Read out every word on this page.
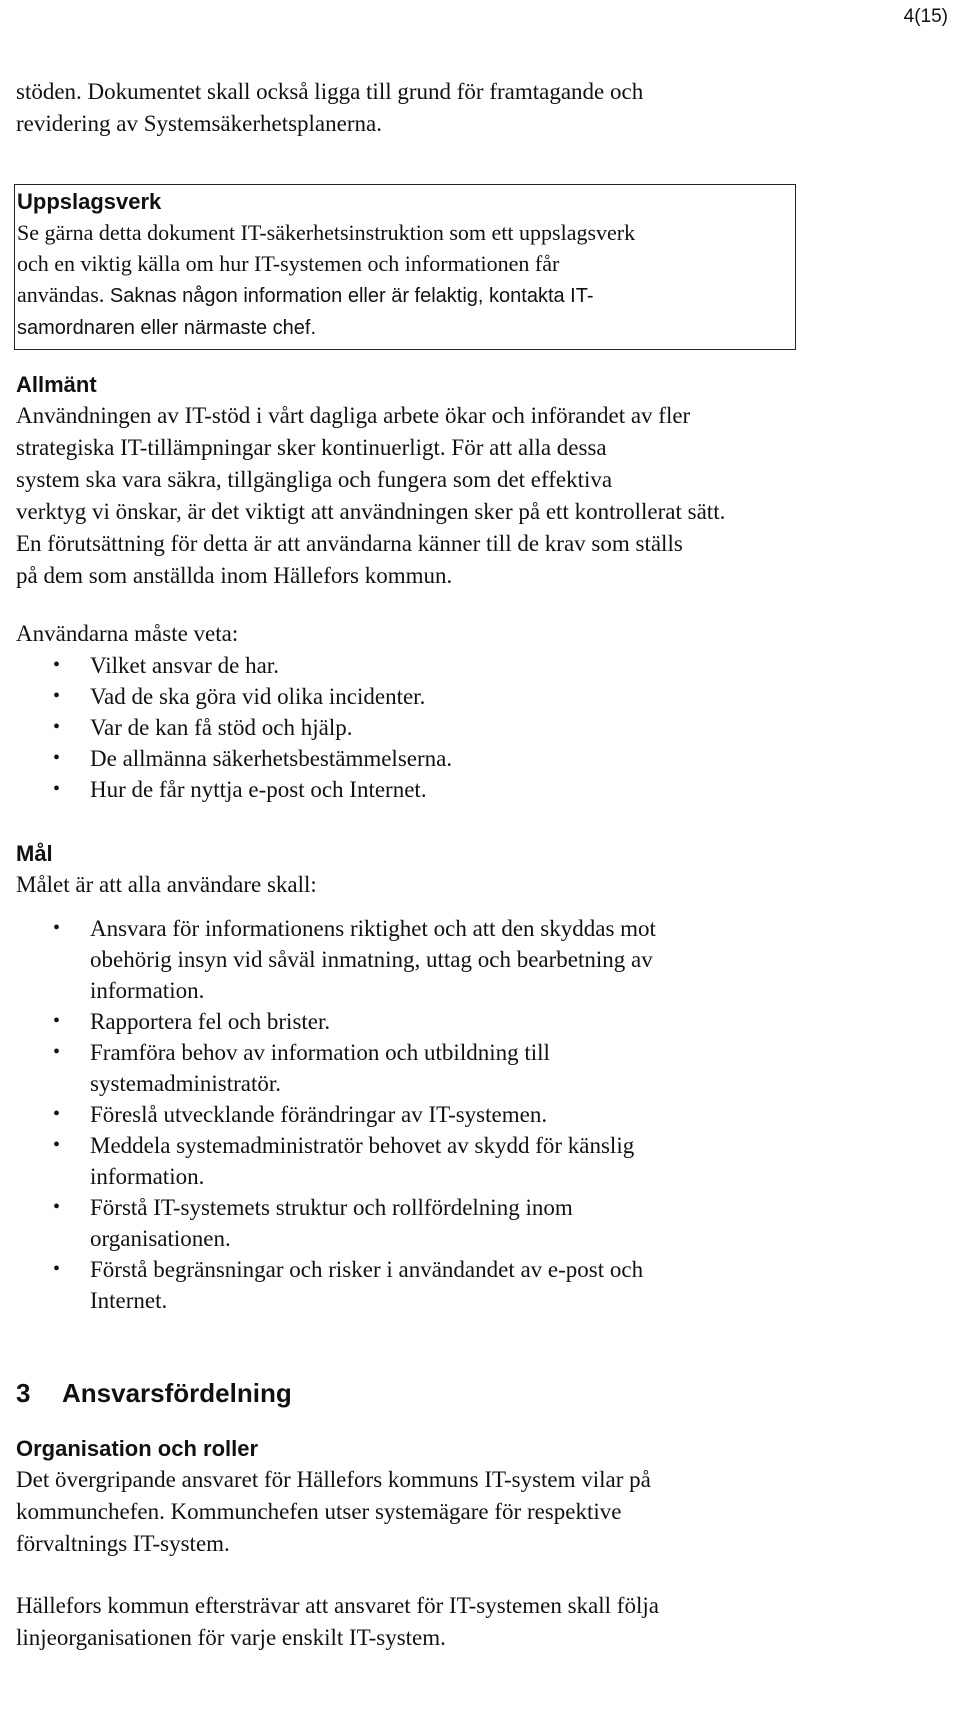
4(15)

stöden. Dokumentet skall också ligga till grund för framtagande och
revidering av Systemsäkerhetsplanerna.

Uppslagsverk

Se gärna detta dokument IT-säkerhetsinstruktion som ett uppslagsverk
och en viktig källa om hur IT-systemen och informationen får
användas. Saknas någon information eller är felaktig, kontakta IT-
samordnaren eller närmaste chef.

Allmänt

Användningen av IT-stöd i vårt dagliga arbete ökar och införandet av fler
strategiska IT-tillämpningar sker kontinuerligt. För att alla dessa
system ska vara säkra, tillgängliga och fungera som det effektiva
verktyg vi önskar, är det viktigt att användningen sker på ett kontrollerat sätt.
En förutsättning för detta är att användarna känner till de krav som ställs
på dem som anställda inom Hällefors kommun.

Användarna måste veta:

• Vilket ansvar de har.
• Vad de ska göra vid olika incidenter.
• Var de kan få stöd och hjälp.
• De allmänna säkerhetsbestämmelserna.
• Hur de får nyttja e-post och Internet.

Mål

Målet är att alla användare skall:

• Ansvara för informationens riktighet och att den skyddas mot
obehörig insyn vid såväl inmatning, uttag och bearbetning av
information.
• Rapportera fel och brister.
• Framföra behov av information och utbildning till
systemadministratör.
• Föreslå utvecklande förändringar av IT-systemen.
• Meddela systemadministratör behovet av skydd för känslig
information.
• Förstå IT-systemets struktur och rollfördelning inom
organisationen.
• Förstå begränsningar och risker i användandet av e-post och
Internet.

3 Ansvarsfördelning

Organisation och roller

Det övergripande ansvaret för Hällefors kommuns IT-system vilar på
kommunchefen. Kommunchefen utser systemägare för respektive
förvaltnings IT-system.

Hällefors kommun eftersträvar att ansvaret för IT-systemen skall följa
linjeorganisationen för varje enskilt IT-system.
